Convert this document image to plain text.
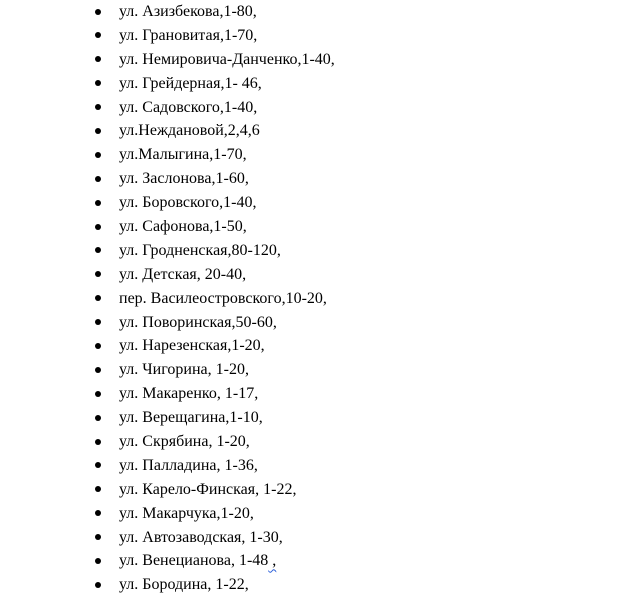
ул. Азизбекова,1-80,
ул. Грановитая,1-70,
ул. Немировича-Данченко,1-40,
ул. Грейдерная,1- 46,
ул. Садовского,1-40,
ул.Неждановой,2,4,6
ул.Малыгина,1-70,
ул. Заслонова,1-60,
ул. Боровского,1-40,
ул. Сафонова,1-50,
ул. Гродненская,80-120,
ул. Детская, 20-40,
пер. Василеостровского,10-20,
ул. Поворинская,50-60,
ул. Нарезенская,1-20,
ул. Чигорина, 1-20,
ул. Макаренко, 1-17,
ул. Верещагина,1-10,
ул. Скрябина, 1-20,
ул. Палладина, 1-36,
ул. Карело-Финская, 1-22,
ул. Макарчука,1-20,
ул. Автозаводская, 1-30,
ул. Венецианова, 1-48 ,
ул. Бородина, 1-22,
